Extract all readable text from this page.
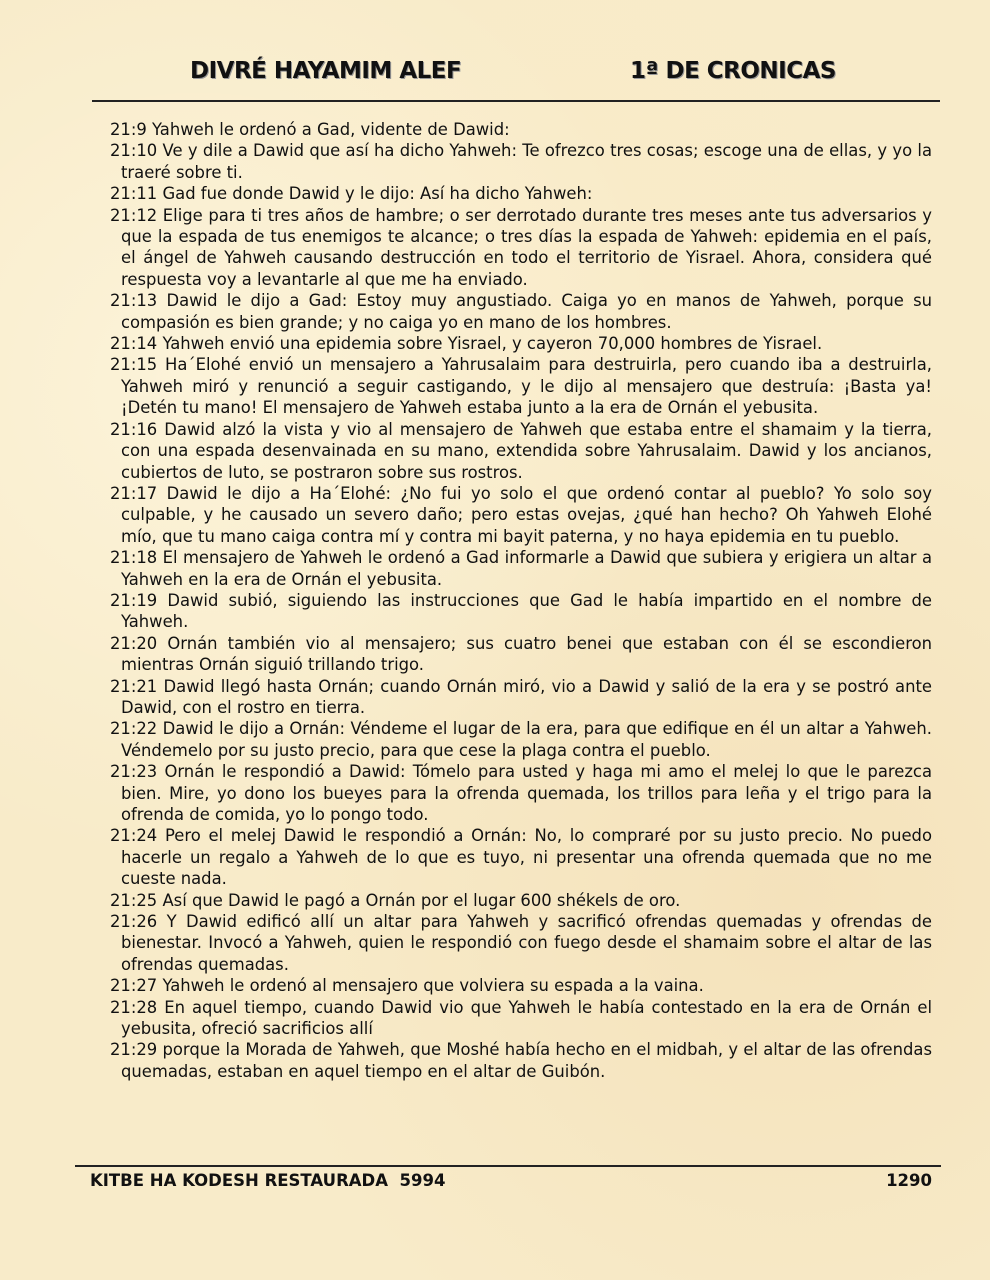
DIVRÉ HAYAMIM ALEF	1ª DE CRONICAS

21:9 Yahweh le ordenó a Gad, vidente de Dawid:

21:10 Ve y dile a Dawid que así ha dicho Yahweh: Te ofrezco tres cosas; escoge una de ellas, y yo la traeré sobre ti.

21:11 Gad fue donde Dawid y le dijo: Así ha dicho Yahweh:

21:12 Elige para ti tres años de hambre; o ser derrotado durante tres meses ante tus adversarios y que la espada de tus enemigos te alcance; o tres días la espada de Yahweh: epidemia en el país, el ángel de Yahweh causando destrucción en todo el territorio de Yisrael. Ahora, considera qué respuesta voy a levantarle al que me ha enviado.

21:13 Dawid le dijo a Gad: Estoy muy angustiado. Caiga yo en manos de Yahweh, porque su compasión es bien grande; y no caiga yo en mano de los hombres.

21:14 Yahweh envió una epidemia sobre Yisrael, y cayeron 70,000 hombres de Yisrael.

21:15 Ha´Elohé envió un mensajero a Yahrusalaim para destruirla, pero cuando iba a destruirla, Yahweh miró y renunció a seguir castigando, y le dijo al mensajero que destruía: ¡Basta ya! ¡Detén tu mano! El mensajero de Yahweh estaba junto a la era de Ornán el yebusita.

21:16 Dawid alzó la vista y vio al mensajero de Yahweh que estaba entre el shamaim y la tierra, con una espada desenvainada en su mano, extendida sobre Yahrusalaim. Dawid y los ancianos, cubiertos de luto, se postraron sobre sus rostros.

21:17 Dawid le dijo a Ha´Elohé: ¿No fui yo solo el que ordenó contar al pueblo? Yo solo soy culpable, y he causado un severo daño; pero estas ovejas, ¿qué han hecho? Oh Yahweh Elohé mío, que tu mano caiga contra mí y contra mi bayit paterna, y no haya epidemia en tu pueblo.

21:18 El mensajero de Yahweh le ordenó a Gad informarle a Dawid que subiera y erigiera un altar a Yahweh en la era de Ornán el yebusita.

21:19 Dawid subió, siguiendo las instrucciones que Gad le había impartido en el nombre de Yahweh.

21:20 Ornán también vio al mensajero; sus cuatro benei que estaban con él se escondieron mientras Ornán siguió trillando trigo.

21:21 Dawid llegó hasta Ornán; cuando Ornán miró, vio a Dawid y salió de la era y se postró ante Dawid, con el rostro en tierra.

21:22 Dawid le dijo a Ornán: Véndeme el lugar de la era, para que edifique en él un altar a Yahweh. Véndemelo por su justo precio, para que cese la plaga contra el pueblo.

21:23 Ornán le respondió a Dawid: Tómelo para usted y haga mi amo el melej lo que le parezca bien. Mire, yo dono los bueyes para la ofrenda quemada, los trillos para leña y el trigo para la ofrenda de comida, yo lo pongo todo.

21:24 Pero el melej Dawid le respondió a Ornán: No, lo compraré por su justo precio. No puedo hacerle un regalo a Yahweh de lo que es tuyo, ni presentar una ofrenda quemada que no me cueste nada.

21:25 Así que Dawid le pagó a Ornán por el lugar 600 shékels de oro.

21:26 Y Dawid edificó allí un altar para Yahweh y sacrificó ofrendas quemadas y ofrendas de bienestar. Invocó a Yahweh, quien le respondió con fuego desde el shamaim sobre el altar de las ofrendas quemadas.

21:27 Yahweh le ordenó al mensajero que volviera su espada a la vaina.

21:28 En aquel tiempo, cuando Dawid vio que Yahweh le había contestado en la era de Ornán el yebusita, ofreció sacrificios allí

21:29 porque la Morada de Yahweh, que Moshé había hecho en el midbah, y el altar de las ofrendas quemadas, estaban en aquel tiempo en el altar de Guibón.

KITBE HA KODESH RESTAURADA  5994	1290
